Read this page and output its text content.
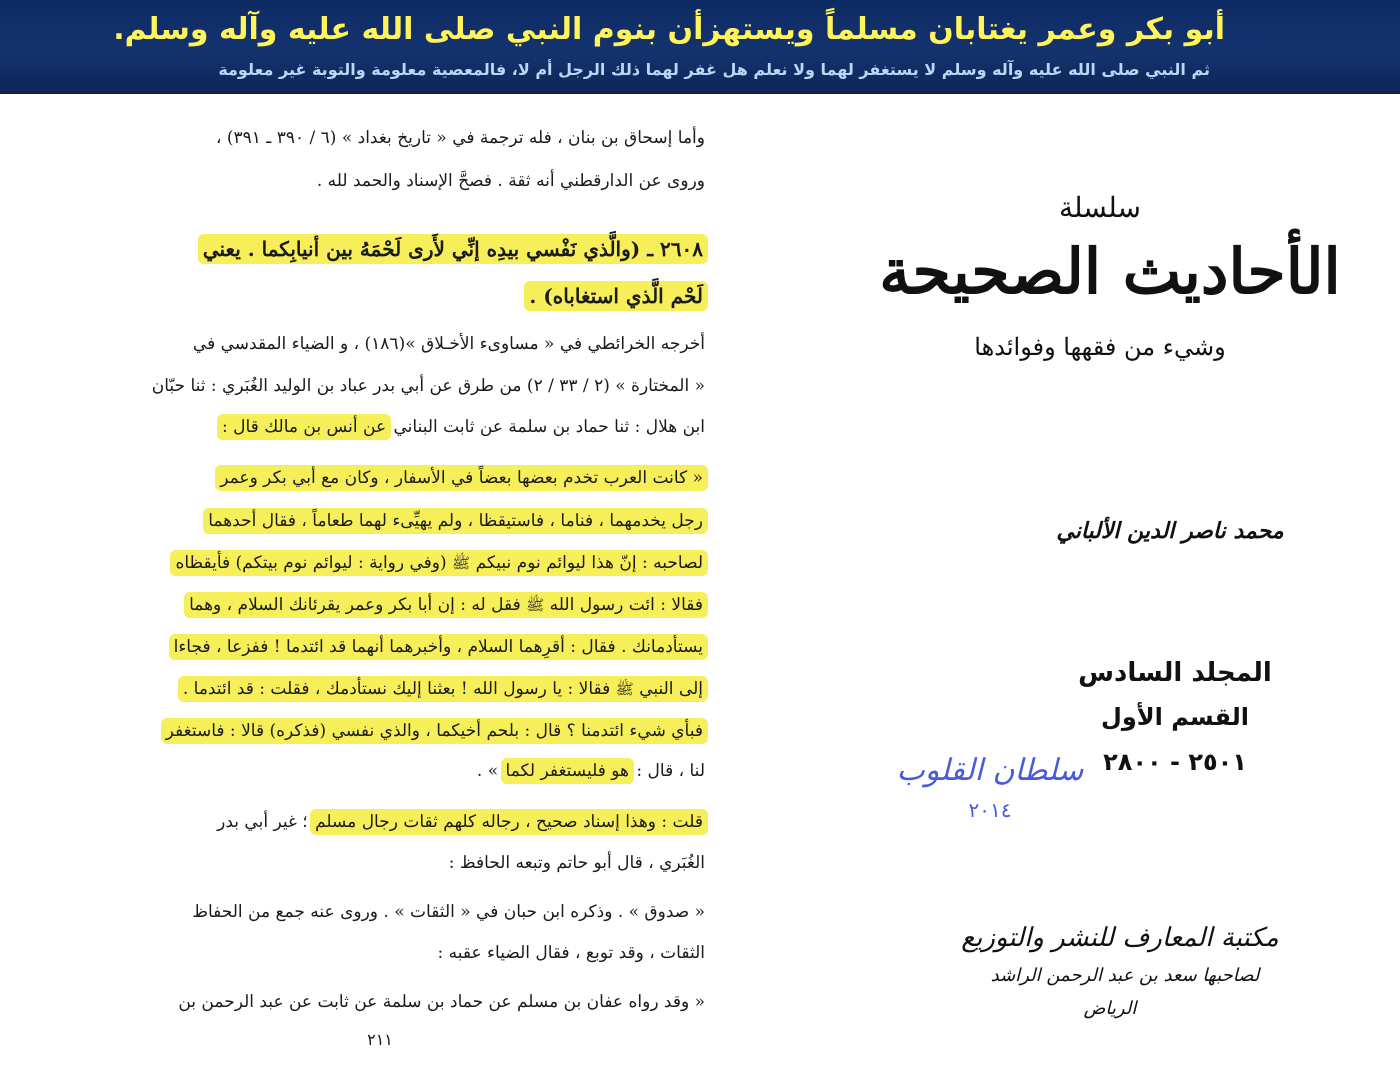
أبو بكر وعمر يغتابان مسلماً ويستهزأن بنوم النبي صلى الله عليه وآله وسلم.
ثم النبي صلى الله عليه وآله وسلم لا يستغفر لهما ولا نعلم هل غفر لهما ذلك الرجل أم لا، فالمعصية معلومة والتوبة غير معلومة
وأما إسحاق بن بنان ، فله ترجمة في « تاريخ بغداد » (٦ / ٣٩٠ ـ ٣٩١) ،
وروى عن الدارقطني أنه ثقة . فصحَّ الإسناد والحمد لله .
٢٦٠٨ ـ (والَّذي نَفْسي بيدِه إنِّي لأَرى لَحْمَهُ بين أنيابِكما . يعني
لَحْم الَّذي استغاباه) .
أخرجه الخرائطي في « مساوىء الأخـلاق »(١٨٦) ، و الضياء المقدسي في
« المختارة » (٢ / ٣٣ / ٢) من طرق عن أبي بدر عباد بن الوليد الغُبَري : ثنا حبّان
ابن هلال : ثنا حماد بن سلمة عن ثابت البناني عن أنس بن مالك قال :
« كانت العرب تخدم بعضها بعضاً في الأسفار ، وكان مع أبي بكر وعمر
رجل يخدمهما ، فناما ، فاستيقظا ، ولم يهيِّىء لهما طعاماً ، فقال أحدهما
لصاحبه : إنّ هذا ليوائم نوم نبيكم ﷺ (وفي رواية : ليوائم نوم بيتكم) فأيقظاه
فقالا : ائت رسول الله ﷺ فقل له : إن أبا بكر وعمر يقرئانك السلام ، وهما
يستأدمانك . فقال : أقرِهما السلام ، وأخبرهما أنهما قد ائتدما ! ففزعا ، فجاءا
إلى النبي ﷺ فقالا : يا رسول الله ! بعثنا إليك نستأدمك ، فقلت : قد ائتدما .
فبأي شيء ائتدمنا ؟ قال : بلحم أخيكما ، والذي نفسي (فذكره) قالا : فاستغفر
لنا ، قال : هو فليستغفر لكما » .
قلت : وهذا إسناد صحيح ، رجاله كلهم ثقات رجال مسلم ؛ غير أبي بدر
الغُبَري ، قال أبو حاتم وتبعه الحافظ :
« صدوق » . وذكره ابن حبان في « الثقات » . وروى عنه جمع من الحفاظ
الثقات ، وقد توبع ، فقال الضياء عقبه :
« وقد رواه عفان بن مسلم عن حماد بن سلمة عن ثابت عن عبد الرحمن بن
٢١١
سلسلة
الأحاديث الصحيحة
وشيء من فقهها وفوائدها
محمد ناصر الدين الألباني
المجلد السادس
القسم الأول
٢٥٠١ - ٢٨٠٠
سلطان القلوب
٢٠١٤
مكتبة المعارف للنشر والتوزيع
لصاحبها سعد بن عبد الرحمن الراشد
الرياض
